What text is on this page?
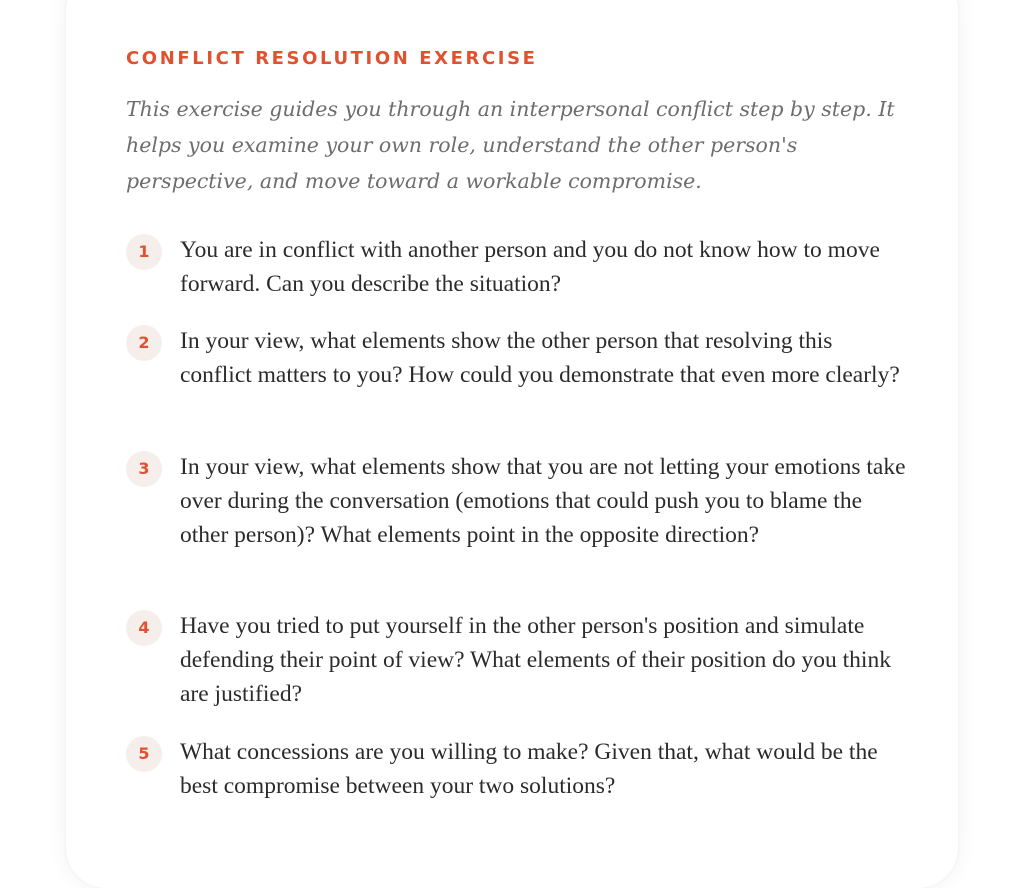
CONFLICT RESOLUTION EXERCISE

This exercise guides you through an interpersonal conflict step by step. It helps you examine your own role, understand the other person's perspective, and move toward a workable compromise.

1	You are in conflict with another person and you do not know how to move forward. Can you describe the situation?
2	In your view, what elements show the other person that resolving this conflict matters to you? How could you demonstrate that even more clearly?
3	In your view, what elements show that you are not letting your emotions take over during the conversation (emotions that could push you to blame the other person)? What elements point in the opposite direction?
4	Have you tried to put yourself in the other person's position and simulate defending their point of view? What elements of their position do you think are justified?
5	What concessions are you willing to make? Given that, what would be the best compromise between your two solutions?
